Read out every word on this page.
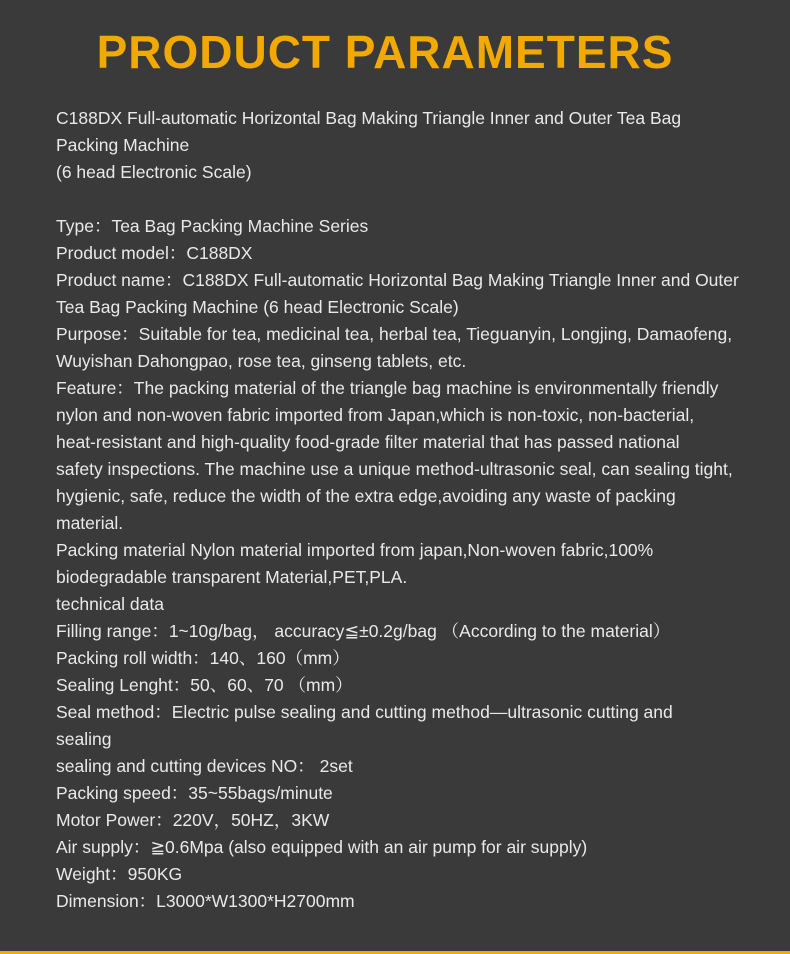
PRODUCT PARAMETERS
C188DX Full-automatic Horizontal Bag Making Triangle Inner and Outer Tea Bag
Packing Machine
(6 head Electronic Scale)
Type：Tea Bag Packing Machine Series
Product model：C188DX
Product name：C188DX Full-automatic Horizontal Bag Making Triangle Inner and Outer
Tea Bag Packing Machine (6 head Electronic Scale)
Purpose：Suitable for tea, medicinal tea, herbal tea, Tieguanyin, Longjing, Damaofeng,
Wuyishan Dahongpao, rose tea, ginseng tablets, etc.
Feature：The packing material of the triangle bag machine is environmentally friendly
nylon and non-woven fabric imported from Japan,which is non-toxic, non-bacterial,
heat-resistant and high-quality food-grade filter material that has passed national
safety inspections. The machine use a unique method-ultrasonic seal, can sealing tight,
hygienic, safe, reduce the width of the extra edge,avoiding any waste of packing
material.
Packing material Nylon material imported from japan,Non-woven fabric,100%
biodegradable transparent Material,PET,PLA.
technical data
Filling range：1~10g/bag， accuracy≦±0.2g/bag （According to the material）
Packing roll width：140、160（mm）
Sealing Lenght：50、60、70 （mm）
Seal method：Electric pulse sealing and cutting method—ultrasonic cutting and
sealing
sealing and cutting devices NO： 2set
Packing speed：35~55bags/minute
Motor Power：220V，50HZ，3KW
Air supply：≧0.6Mpa (also equipped with an air pump for air supply)
Weight：950KG
Dimension：L3000*W1300*H2700mm
